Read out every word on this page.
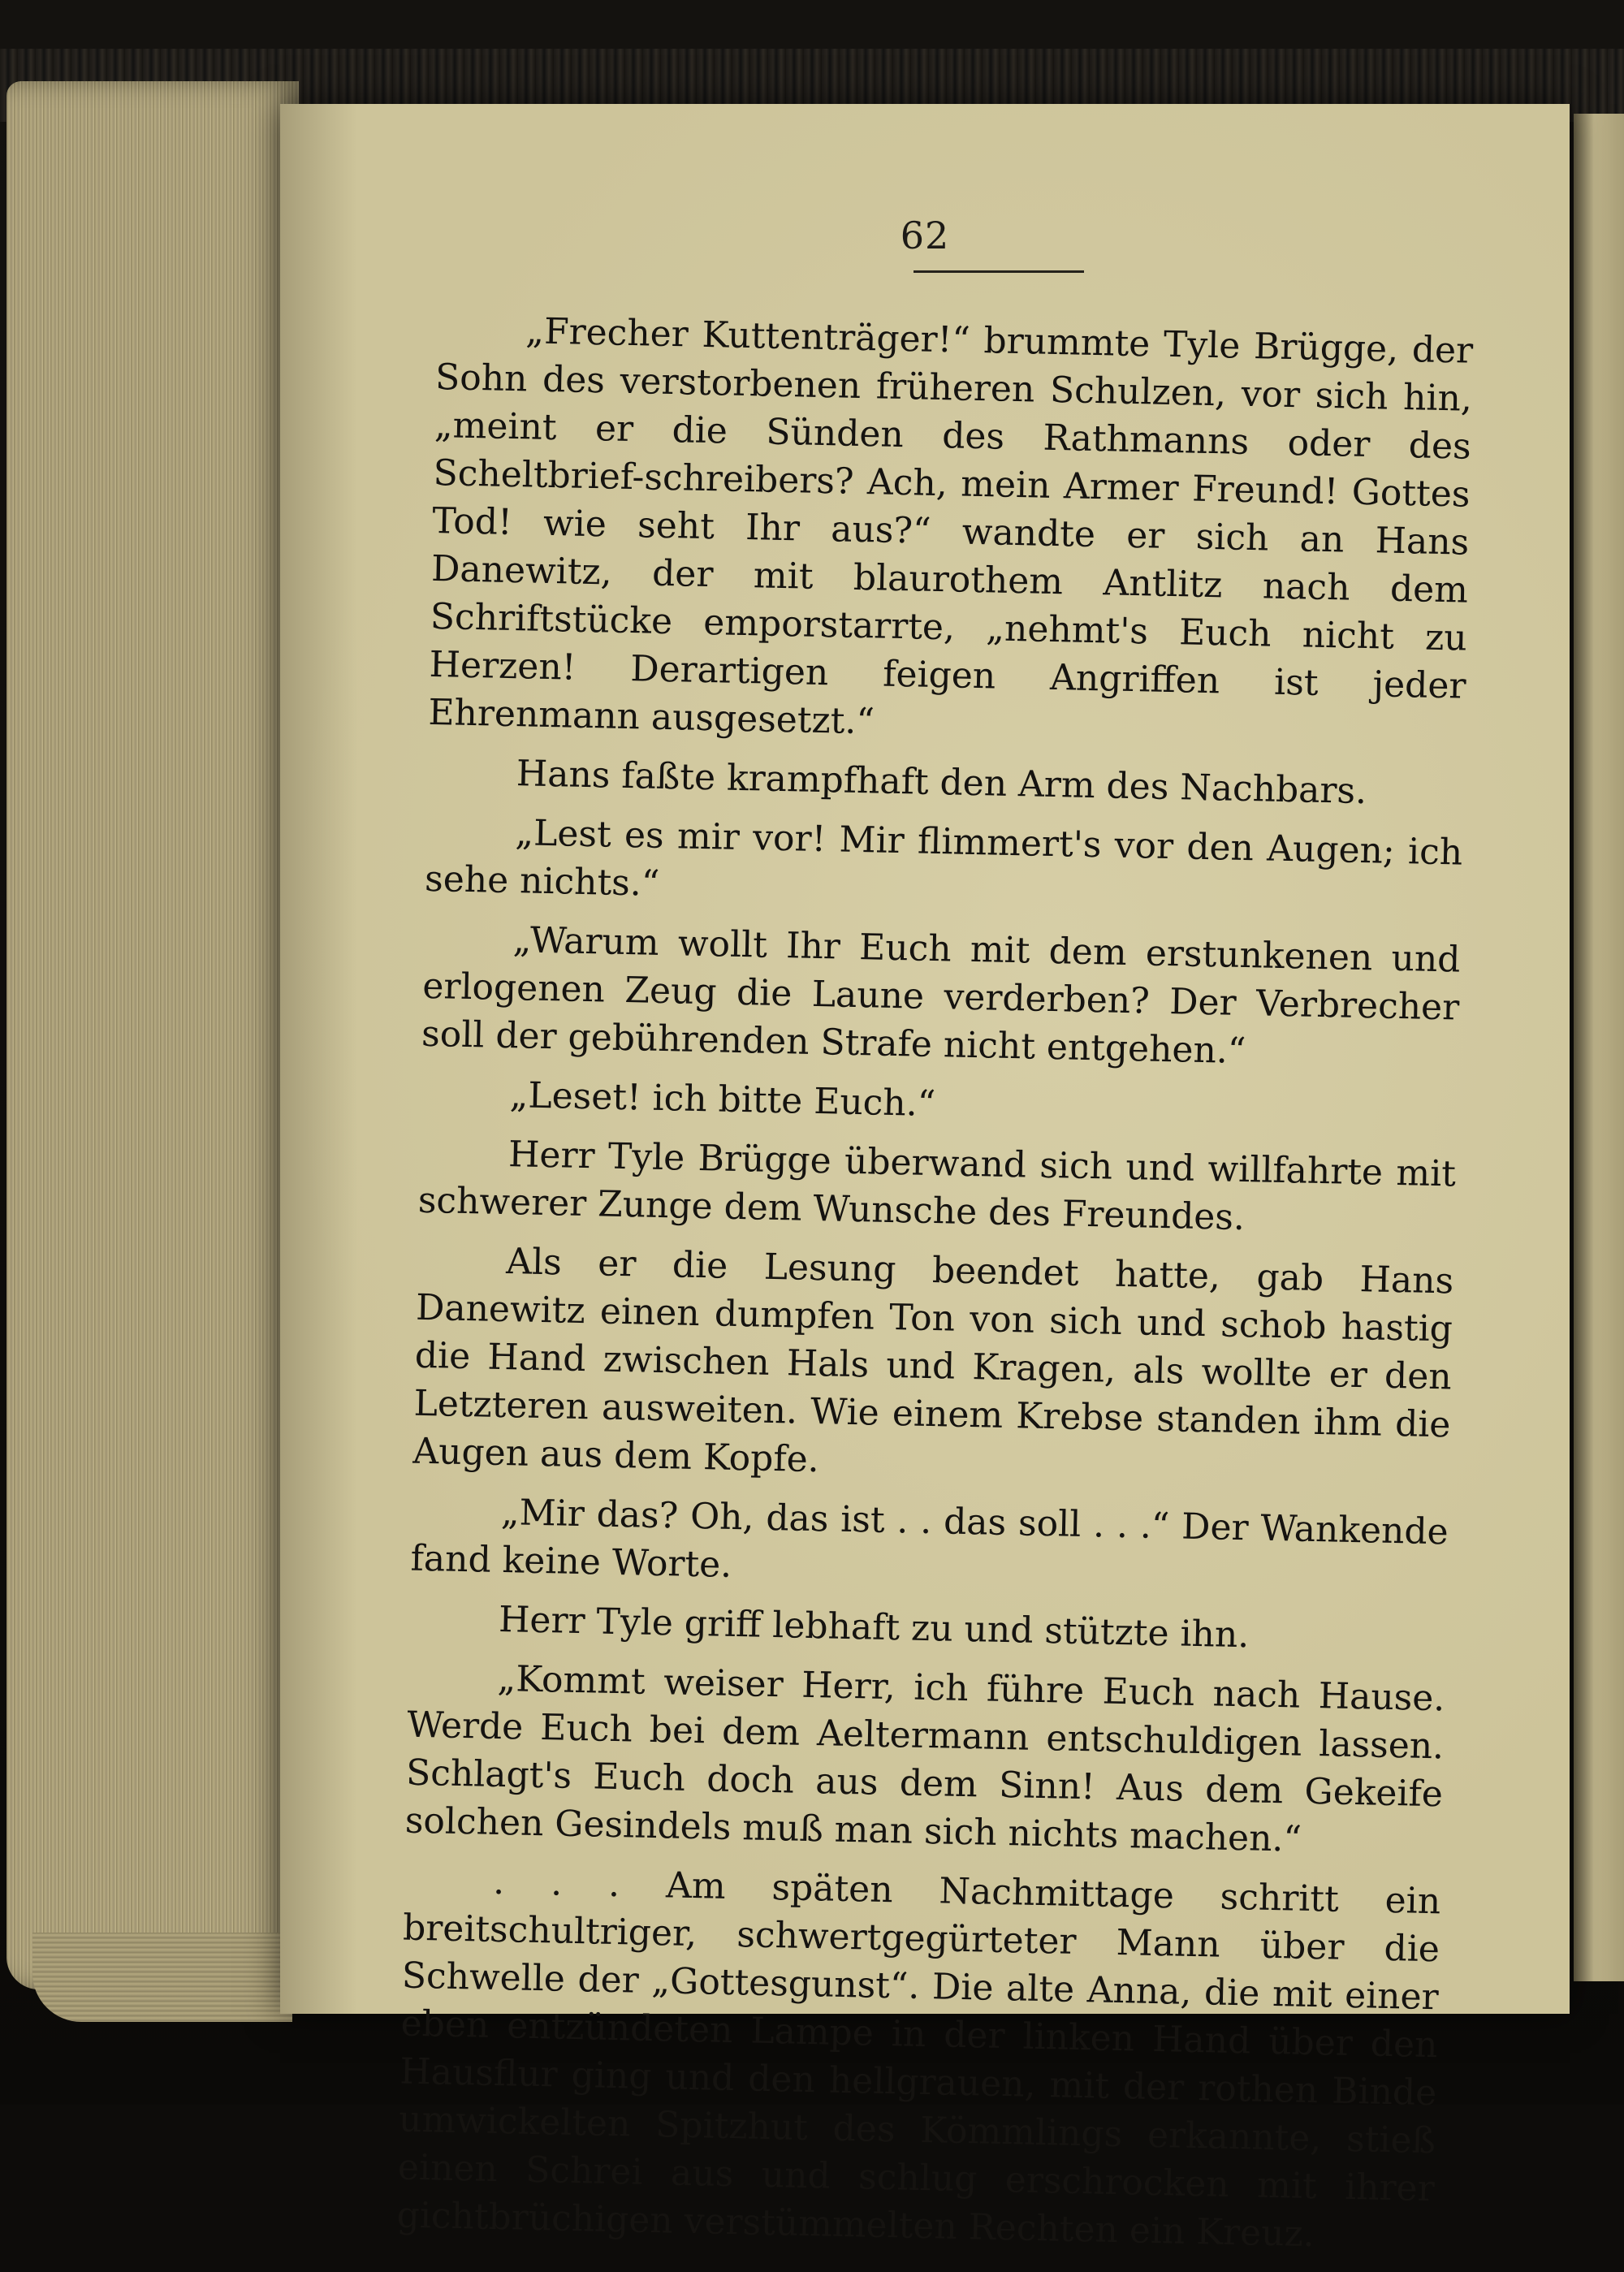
62

„Frecher Kuttenträger!“ brummte Tyle Brügge, der Sohn des verstorbenen früheren Schulzen, vor sich hin, „meint er die Sünden des Rathmanns oder des Scheltbrief-schreibers? Ach, mein Armer Freund! Gottes Tod! wie seht Ihr aus?“ wandte er sich an Hans Danewitz, der mit blaurothem Antlitz nach dem Schriftstücke emporstarrte, „nehmt's Euch nicht zu Herzen! Derartigen feigen Angriffen ist jeder Ehrenmann ausgesetzt.“

Hans faßte krampfhaft den Arm des Nachbars.

„Lest es mir vor! Mir flimmert's vor den Augen; ich sehe nichts.“

„Warum wollt Ihr Euch mit dem erstunkenen und erlogenen Zeug die Laune verderben? Der Verbrecher soll der gebührenden Strafe nicht entgehen.“

„Leset! ich bitte Euch.“

Herr Tyle Brügge überwand sich und willfahrte mit schwerer Zunge dem Wunsche des Freundes.

Als er die Lesung beendet hatte, gab Hans Danewitz einen dumpfen Ton von sich und schob hastig die Hand zwischen Hals und Kragen, als wollte er den Letzteren ausweiten. Wie einem Krebse standen ihm die Augen aus dem Kopfe.

„Mir das? Oh, das ist . . das soll . . .“ Der Wankende fand keine Worte.

Herr Tyle griff lebhaft zu und stützte ihn.

„Kommt weiser Herr, ich führe Euch nach Hause. Werde Euch bei dem Aeltermann entschuldigen lassen. Schlagt's Euch doch aus dem Sinn! Aus dem Gekeife solchen Gesindels muß man sich nichts machen.“

. . . Am späten Nachmittage schritt ein breitschultriger, schwertgegürteter Mann über die Schwelle der „Gottesgunst“. Die alte Anna, die mit einer eben entzündeten Lampe in der linken Hand über den Hausflur ging und den hellgrauen, mit der rothen Binde umwickelten Spitzhut des Kömmlings erkannte, stieß einen Schrei aus und schlug erschrocken mit ihrer gichtbrüchigen verstümmelten Rechten ein Kreuz.
